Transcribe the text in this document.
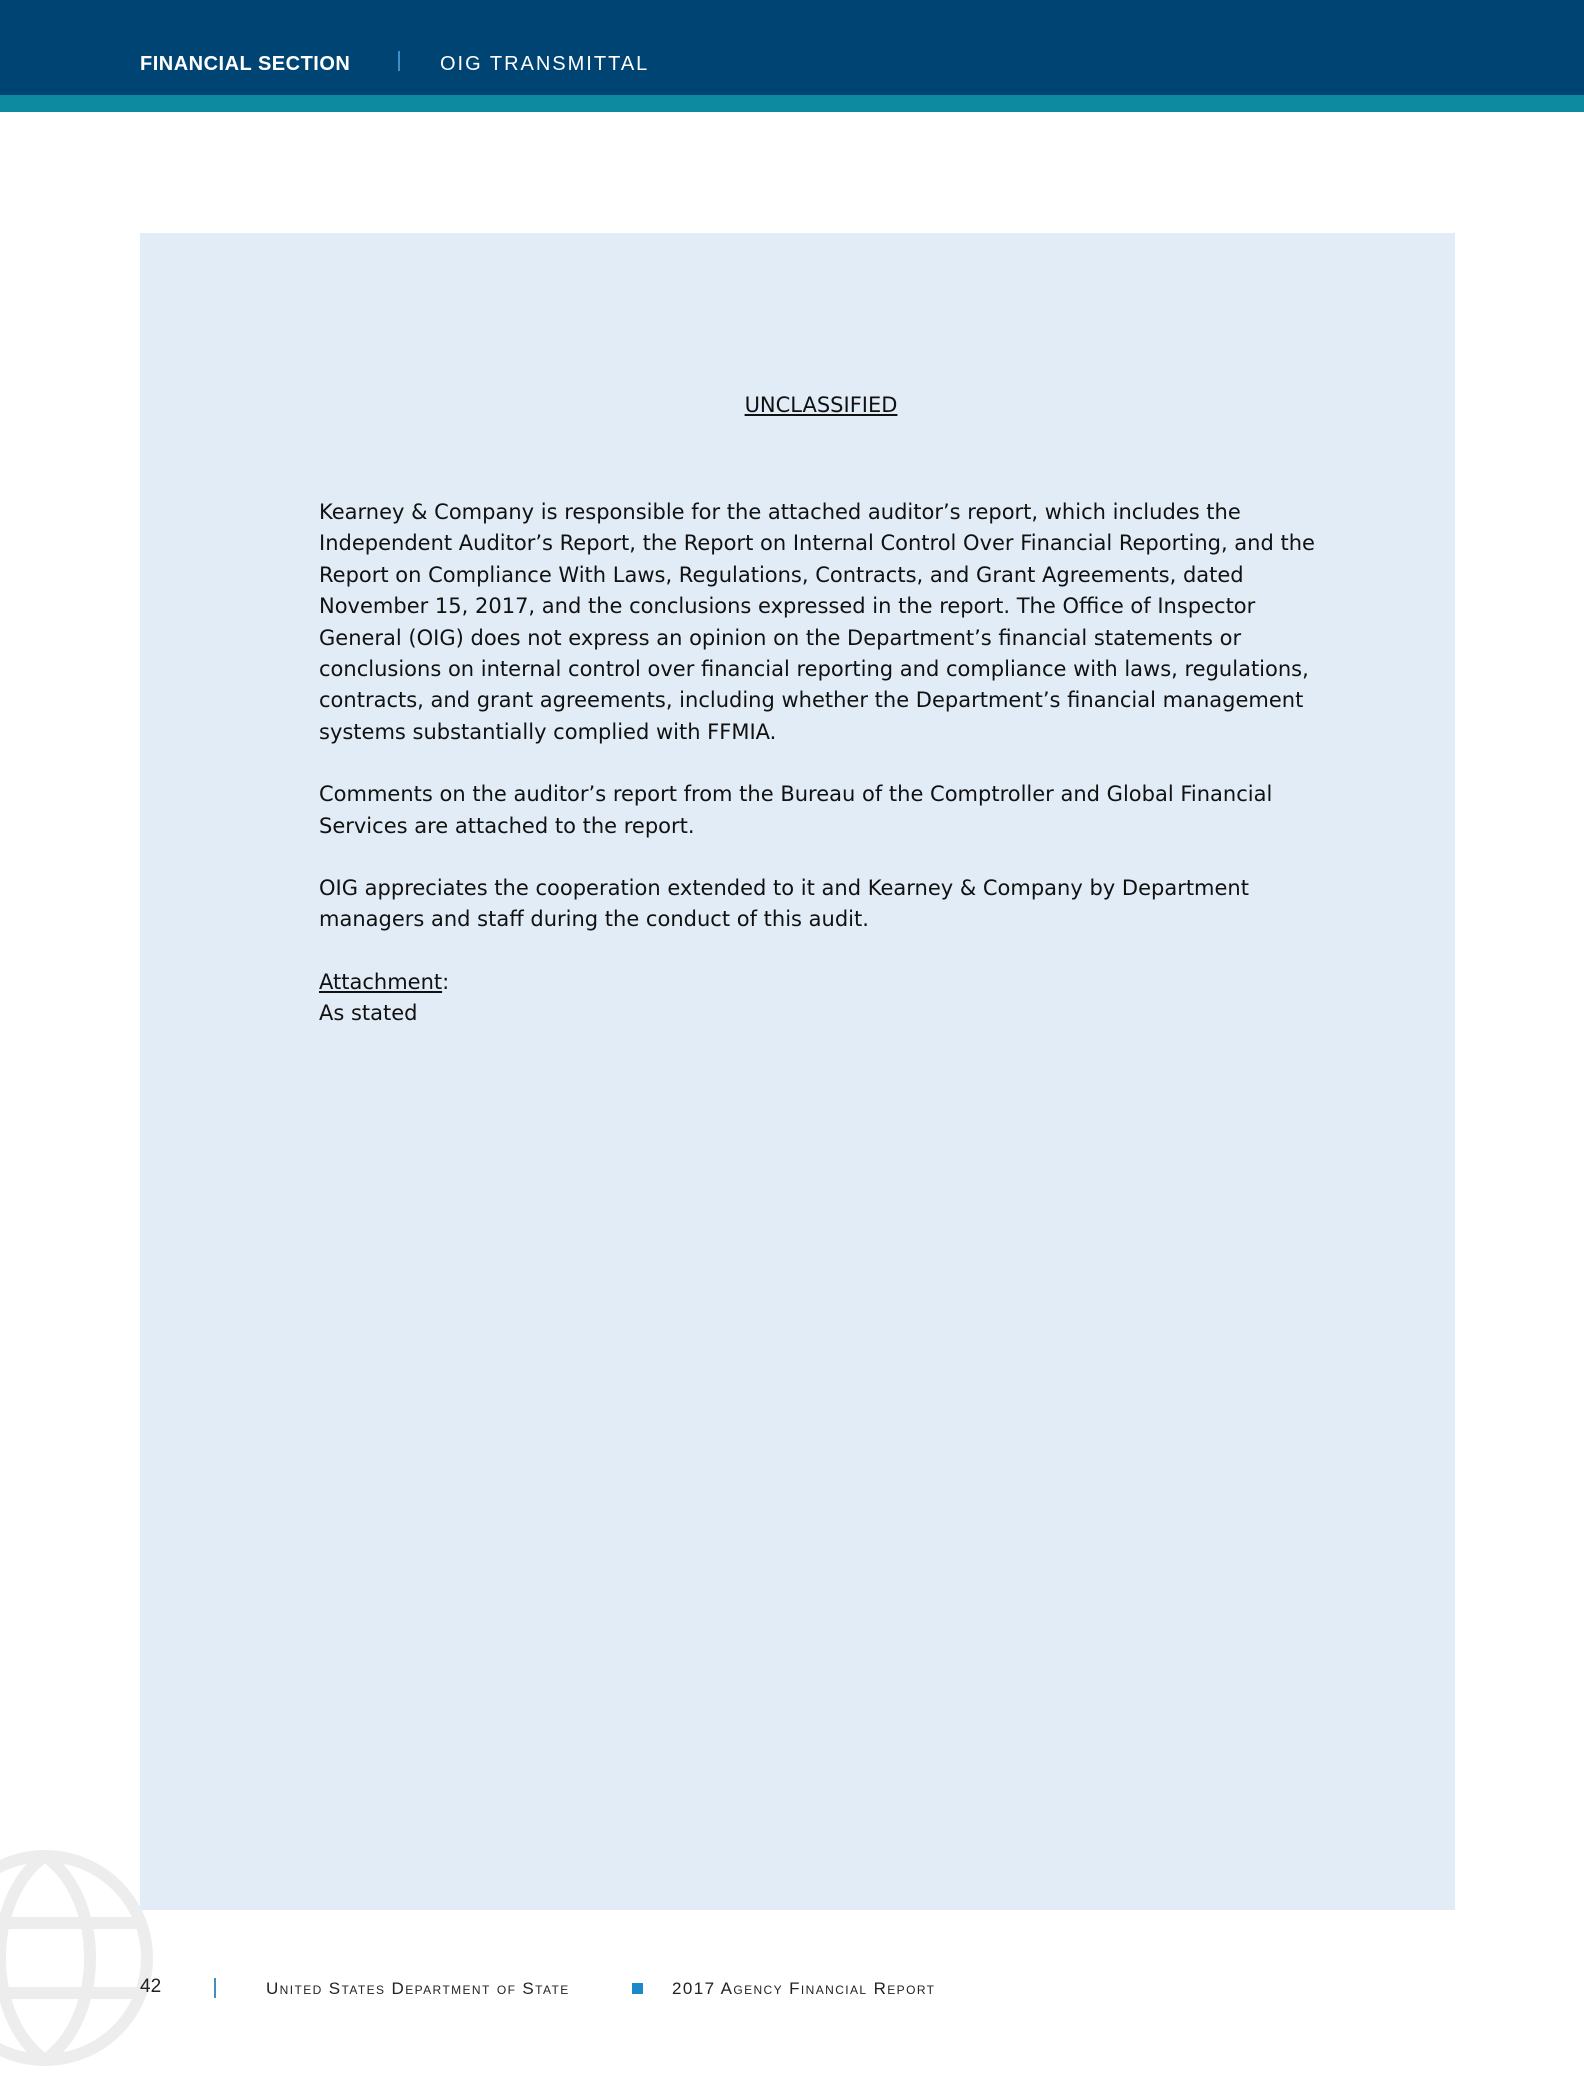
FINANCIAL SECTION	OIG TRANSMITTAL

UNCLASSIFIED

Kearney & Company is responsible for the attached auditor’s report, which includes the Independent Auditor’s Report, the Report on Internal Control Over Financial Reporting, and the Report on Compliance With Laws, Regulations, Contracts, and Grant Agreements, dated November 15, 2017, and the conclusions expressed in the report. The Office of Inspector General (OIG) does not express an opinion on the Department’s financial statements or conclusions on internal control over financial reporting and compliance with laws, regulations, contracts, and grant agreements, including whether the Department’s financial management systems substantially complied with FFMIA.

Comments on the auditor’s report from the Bureau of the Comptroller and Global Financial Services are attached to the report.

OIG appreciates the cooperation extended to it and Kearney & Company by Department managers and staff during the conduct of this audit.

Attachment:

As stated

42	United States Department of State	2017 Agency Financial Report
